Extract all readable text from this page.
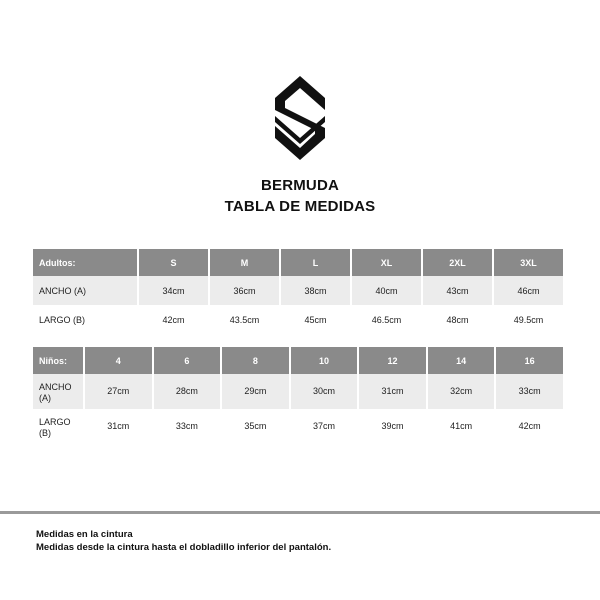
BERMUDA
TABLA DE MEDIDAS
Adultos:	S	M	L	XL	2XL	3XL
ANCHO (A)	34cm	36cm	38cm	40cm	43cm	46cm
LARGO (B)	42cm	43.5cm	45cm	46.5cm	48cm	49.5cm
Niños:	4	6	8	10	12	14	16
ANCHO
(A)	27cm	28cm	29cm	30cm	31cm	32cm	33cm
LARGO
(B)	31cm	33cm	35cm	37cm	39cm	41cm	42cm
Medidas en la cintura
Medidas desde la cintura hasta el dobladillo inferior del pantalón.
